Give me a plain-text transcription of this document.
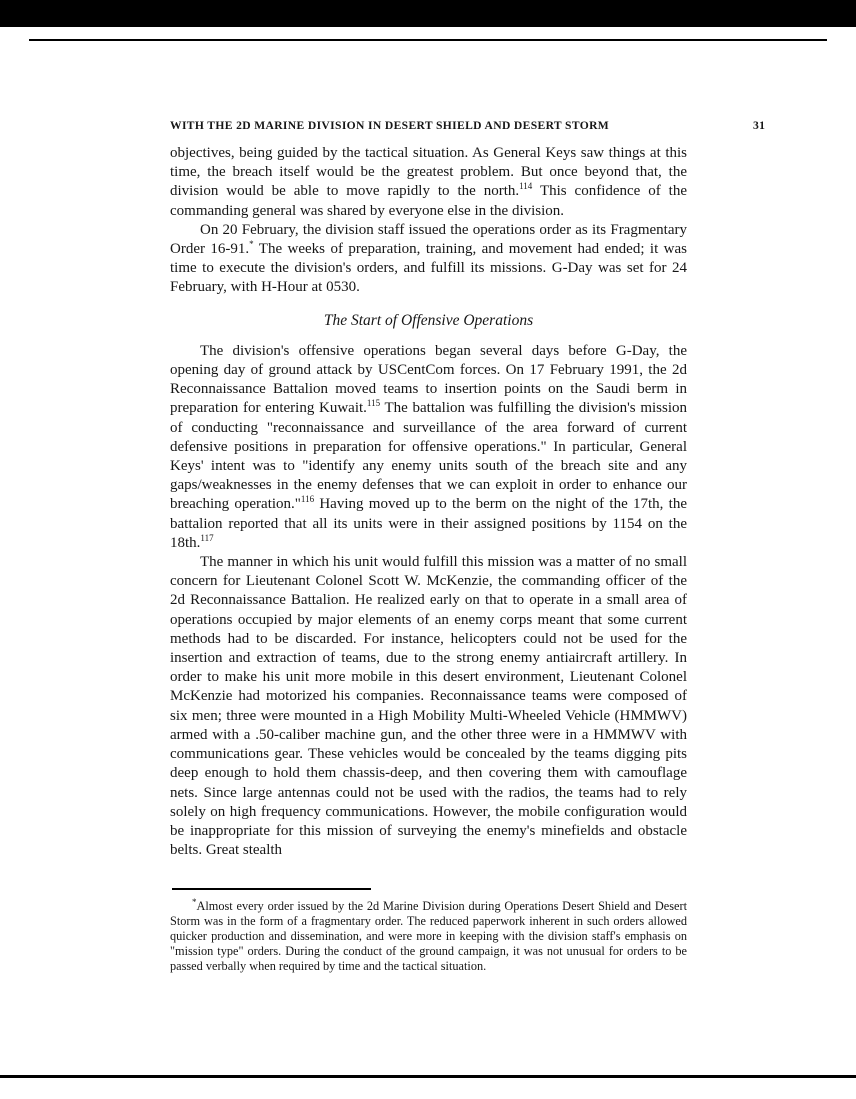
WITH THE 2D MARINE DIVISION IN DESERT SHIELD AND DESERT STORM	31

objectives, being guided by the tactical situation. As General Keys saw things at this time, the breach itself would be the greatest problem. But once beyond that, the division would be able to move rapidly to the north.$^{114}$ This confidence of the commanding general was shared by everyone else in the division.

On 20 February, the division staff issued the operations order as its Fragmentary Order 16-91.* The weeks of preparation, training, and movement had ended; it was time to execute the division's orders, and fulfill its missions. G-Day was set for 24 February, with H-Hour at 0530.

The Start of Offensive Operations

The division's offensive operations began several days before G-Day, the opening day of ground attack by USCentCom forces. On 17 February 1991, the 2d Reconnaissance Battalion moved teams to insertion points on the Saudi berm in preparation for entering Kuwait.$^{115}$ The battalion was fulfilling the division's mission of conducting "reconnaissance and surveillance of the area forward of current defensive positions in preparation for offensive operations." In particular, General Keys' intent was to "identify any enemy units south of the breach site and any gaps/weaknesses in the enemy defenses that we can exploit in order to enhance our breaching operation."$^{116}$ Having moved up to the berm on the night of the 17th, the battalion reported that all its units were in their assigned positions by 1154 on the 18th.$^{117}$

The manner in which his unit would fulfill this mission was a matter of no small concern for Lieutenant Colonel Scott W. McKenzie, the commanding officer of the 2d Reconnaissance Battalion. He realized early on that to operate in a small area of operations occupied by major elements of an enemy corps meant that some current methods had to be discarded. For instance, helicopters could not be used for the insertion and extraction of teams, due to the strong enemy antiaircraft artillery. In order to make his unit more mobile in this desert environment, Lieutenant Colonel McKenzie had motorized his companies. Reconnaissance teams were composed of six men; three were mounted in a High Mobility Multi-Wheeled Vehicle (HMMWV) armed with a .50-caliber machine gun, and the other three were in a HMMWV with communications gear. These vehicles would be concealed by the teams digging pits deep enough to hold them chassis-deep, and then covering them with camouflage nets. Since large antennas could not be used with the radios, the teams had to rely solely on high frequency communications. However, the mobile configuration would be inappropriate for this mission of surveying the enemy's minefields and obstacle belts. Great stealth

*Almost every order issued by the 2d Marine Division during Operations Desert Shield and Desert Storm was in the form of a fragmentary order. The reduced paperwork inherent in such orders allowed quicker production and dissemination, and were more in keeping with the division staff's emphasis on "mission type" orders. During the conduct of the ground campaign, it was not unusual for orders to be passed verbally when required by time and the tactical situation.
